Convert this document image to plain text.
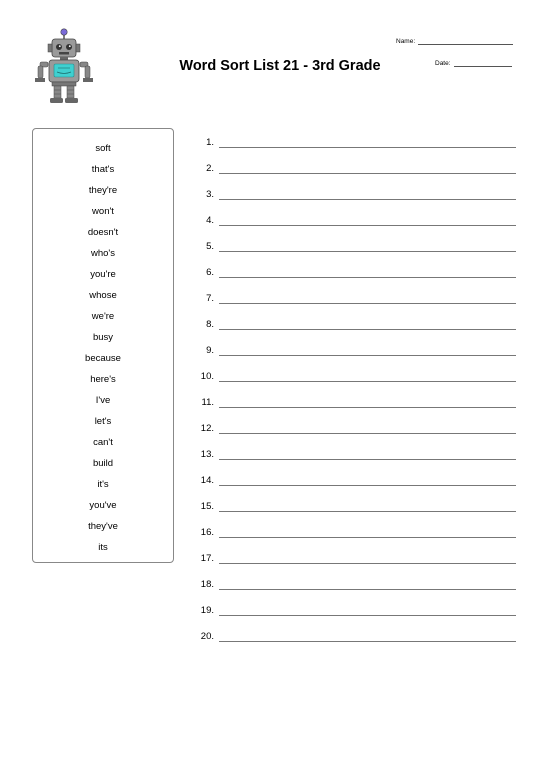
Word Sort List 21 - 3rd Grade
Name:
Date:
soft
that's
they're
won't
doesn't
who's
you're
whose
we're
busy
because
here's
I've
let's
can't
build
it's
you've
they've
its
1.
2.
3.
4.
5.
6.
7.
8.
9.
10.
11.
12.
13.
14.
15.
16.
17.
18.
19.
20.
